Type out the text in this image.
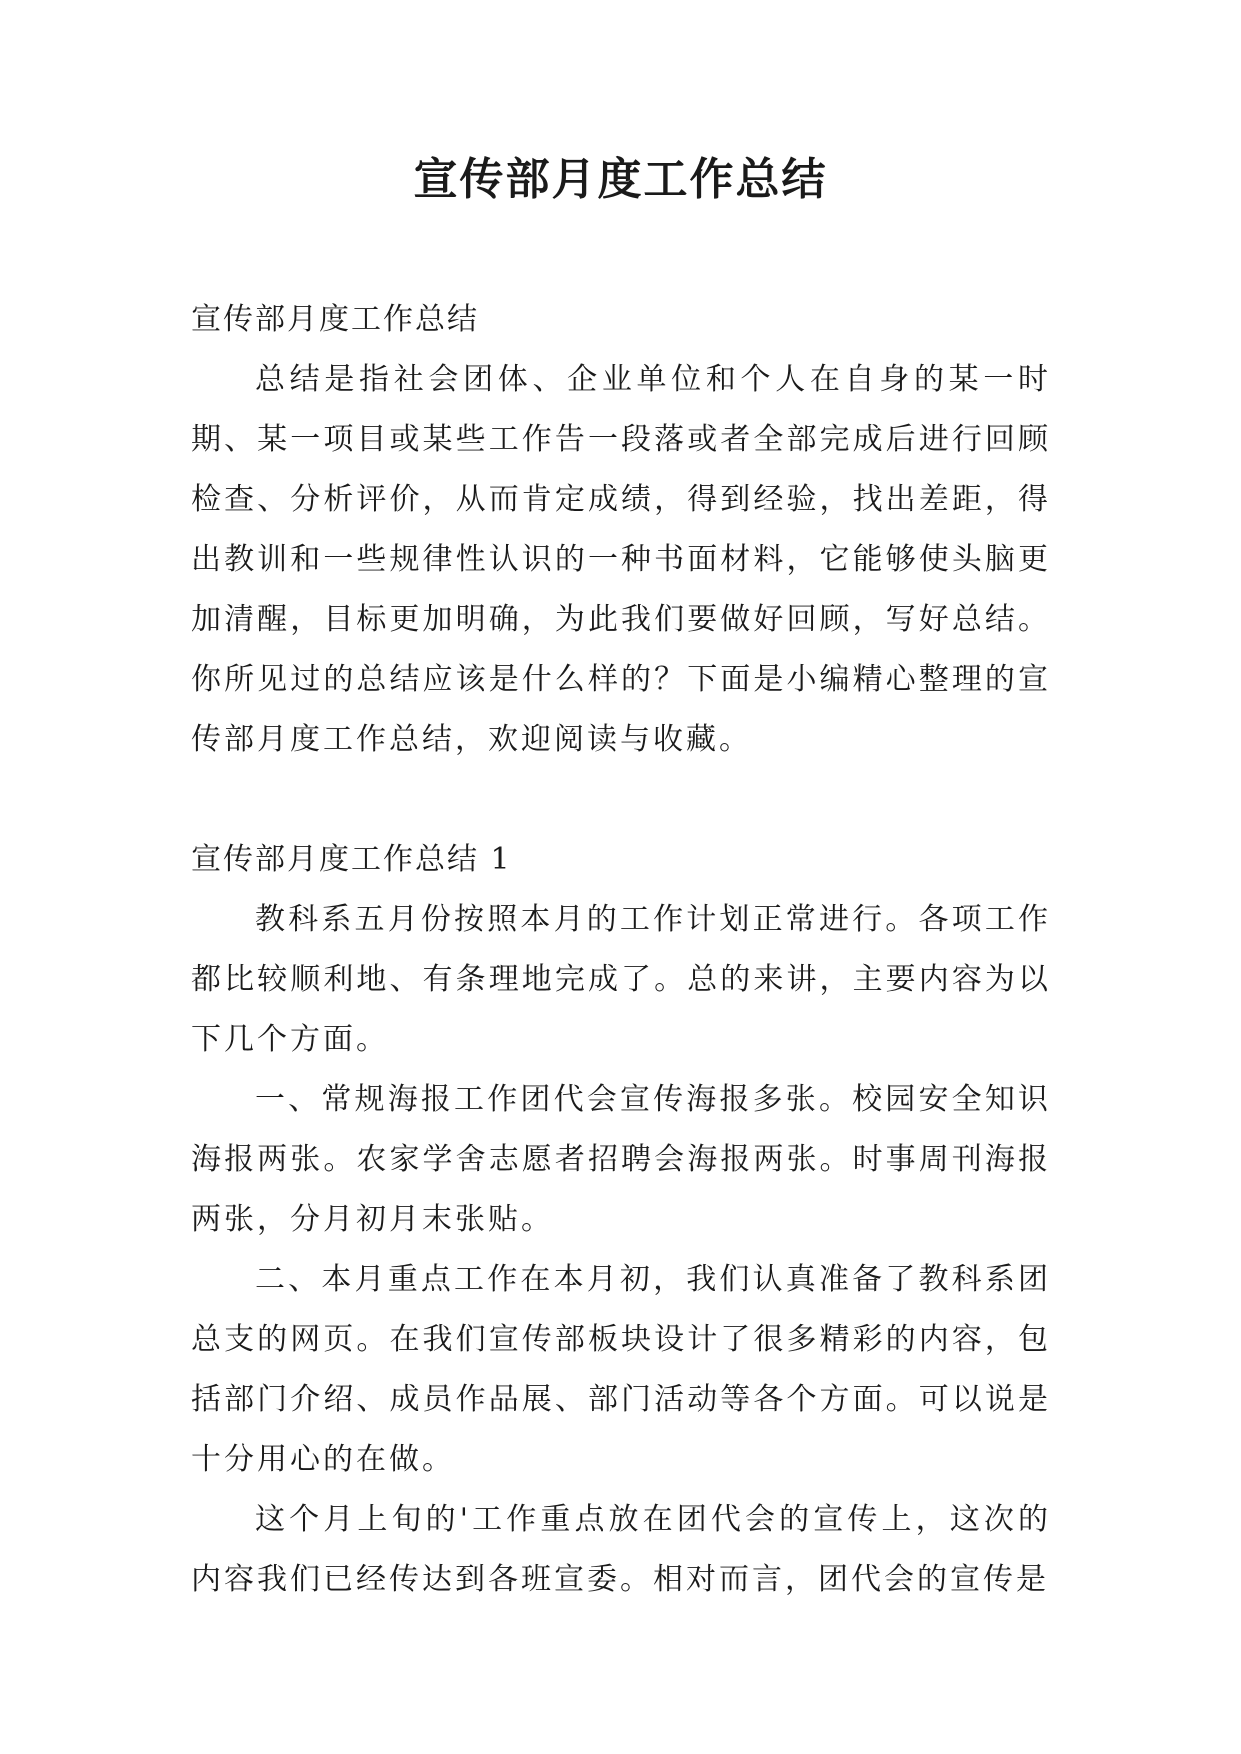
宣传部月度工作总结

宣传部月度工作总结

总结是指社会团体、企业单位和个人在自身的某一时期、某一项目或某些工作告一段落或者全部完成后进行回顾检查、分析评价，从而肯定成绩，得到经验，找出差距，得出教训和一些规律性认识的一种书面材料，它能够使头脑更加清醒，目标更加明确，为此我们要做好回顾，写好总结。你所见过的总结应该是什么样的？下面是小编精心整理的宣传部月度工作总结，欢迎阅读与收藏。

宣传部月度工作总结 1

教科系五月份按照本月的工作计划正常进行。各项工作都比较顺利地、有条理地完成了。总的来讲，主要内容为以下几个方面。

一、常规海报工作团代会宣传海报多张。校园安全知识海报两张。农家学舍志愿者招聘会海报两张。时事周刊海报两张，分月初月末张贴。

二、本月重点工作在本月初，我们认真准备了教科系团总支的网页。在我们宣传部板块设计了很多精彩的内容，包括部门介绍、成员作品展、部门活动等各个方面。可以说是十分用心的在做。

这个月上旬的'工作重点放在团代会的宣传上，这次的内容我们已经传达到各班宣委。相对而言，团代会的宣传是
